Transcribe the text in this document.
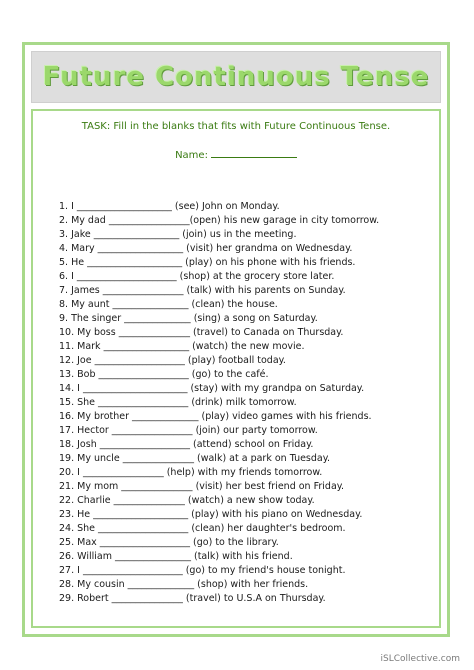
Future Continuous Tense
TASK: Fill in the blanks that fits with Future Continuous Tense.
Name:
1. I ____________________ (see) John on Monday.
2. My dad _________________(open) his new garage in city tomorrow.
3. Jake __________________ (join) us in the meeting.
4. Mary __________________ (visit) her grandma on Wednesday.
5. He ____________________ (play) on his phone with his friends.
6. I _____________________ (shop) at the grocery store later.
7. James _________________ (talk) with his parents on Sunday.
8. My aunt ________________ (clean) the house.
9. The singer ______________ (sing) a song on Saturday.
10. My boss _______________ (travel) to Canada on Thursday.
11. Mark __________________ (watch) the new movie.
12. Joe ___________________ (play) football today.
13. Bob ___________________ (go) to the café.
14. I ______________________ (stay) with my grandpa on Saturday.
15. She ___________________ (drink) milk tomorrow.
16. My brother ______________ (play) video games with his friends.
17. Hector _________________ (join) our party tomorrow.
18. Josh ___________________ (attend) school on Friday.
19. My uncle _______________ (walk) at a park on Tuesday.
20. I _________________ (help) with my friends tomorrow.
21. My mom _______________ (visit) her best friend on Friday.
22. Charlie _______________ (watch) a new show today.
23. He ____________________ (play) with his piano on Wednesday.
24. She ___________________ (clean) her daughter's bedroom.
25. Max ___________________ (go) to the library.
26. William ________________ (talk) with his friend.
27. I _____________________ (go) to my friend's house tonight.
28. My cousin ______________ (shop) with her friends.
29. Robert _______________ (travel) to U.S.A on Thursday.
iSLCollective.com
